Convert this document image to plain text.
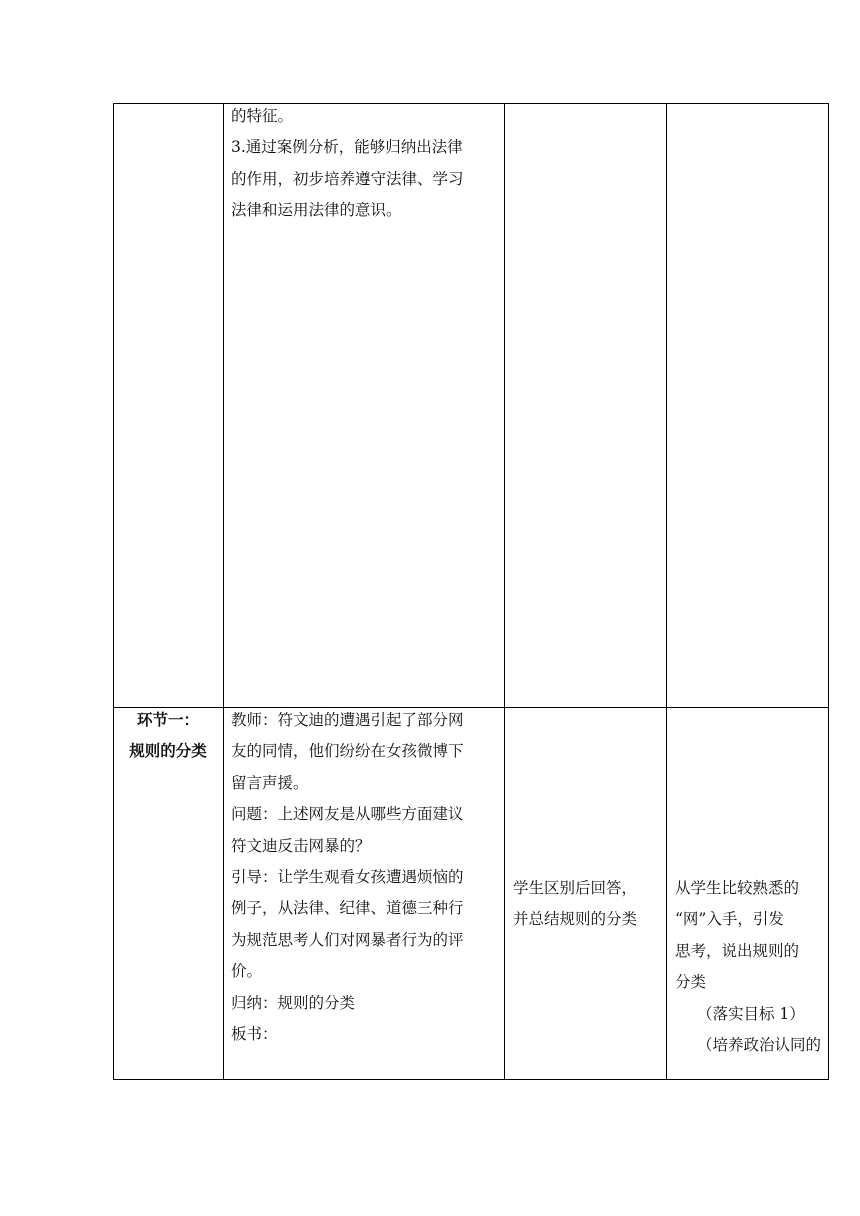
的特征。

3.通过案例分析，能够归纳出法律

的作用，初步培养遵守法律、学习

法律和运用法律的意识。

环节一：

规则的分类

教师：符文迪的遭遇引起了部分网

友的同情，他们纷纷在女孩微博下

留言声援。

问题：上述网友是从哪些方面建议

符文迪反击网暴的？

引导：让学生观看女孩遭遇烦恼的

例子，从法律、纪律、道德三种行

为规范思考人们对网暴者行为的评

价。

归纳：规则的分类

板书：

学生区别后回答，

并总结规则的分类

从学生比较熟悉的

“网”入手，引发

思考，说出规则的

分类

（落实目标 1）

（培养政治认同的
